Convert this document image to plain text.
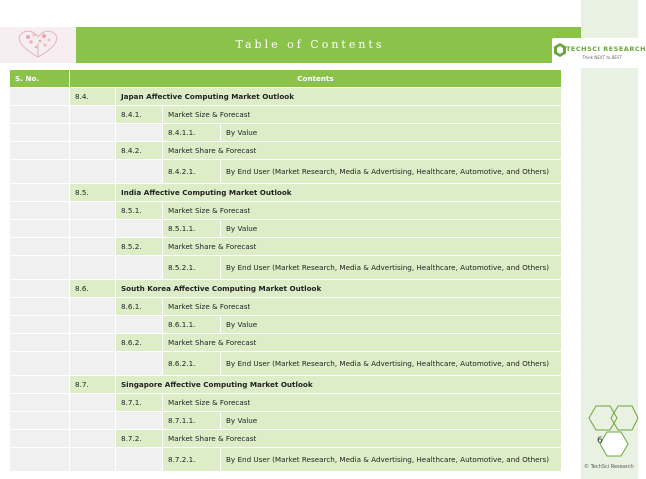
Table of Contents	TECHSCI RESEARCH
Think NEXT to BEST
S. No.	Contents			
	8.4.	Japan Affective Computing Market Outlook		
		8.4.1.	Market Size & Forecast	
			8.4.1.1.	By Value
		8.4.2.	Market Share & Forecast	
			8.4.2.1.	By End User (Market Research, Media & Advertising, Healthcare, Automotive, and Others)
	8.5.	India Affective Computing Market Outlook		
		8.5.1.	Market Size & Forecast	
			8.5.1.1.	By Value
		8.5.2.	Market Share & Forecast	
			8.5.2.1.	By End User (Market Research, Media & Advertising, Healthcare, Automotive, and Others)
	8.6.	South Korea Affective Computing Market Outlook		
		8.6.1.	Market Size & Forecast	
			8.6.1.1.	By Value
		8.6.2.	Market Share & Forecast	
			8.6.2.1.	By End User (Market Research, Media & Advertising, Healthcare, Automotive, and Others)
	8.7.	Singapore Affective Computing Market Outlook		
		8.7.1.	Market Size & Forecast	
			8.7.1.1.	By Value
		8.7.2.	Market Share & Forecast	
			8.7.2.1.	By End User (Market Research, Media & Advertising, Healthcare, Automotive, and Others)
6
© TechSci Research
